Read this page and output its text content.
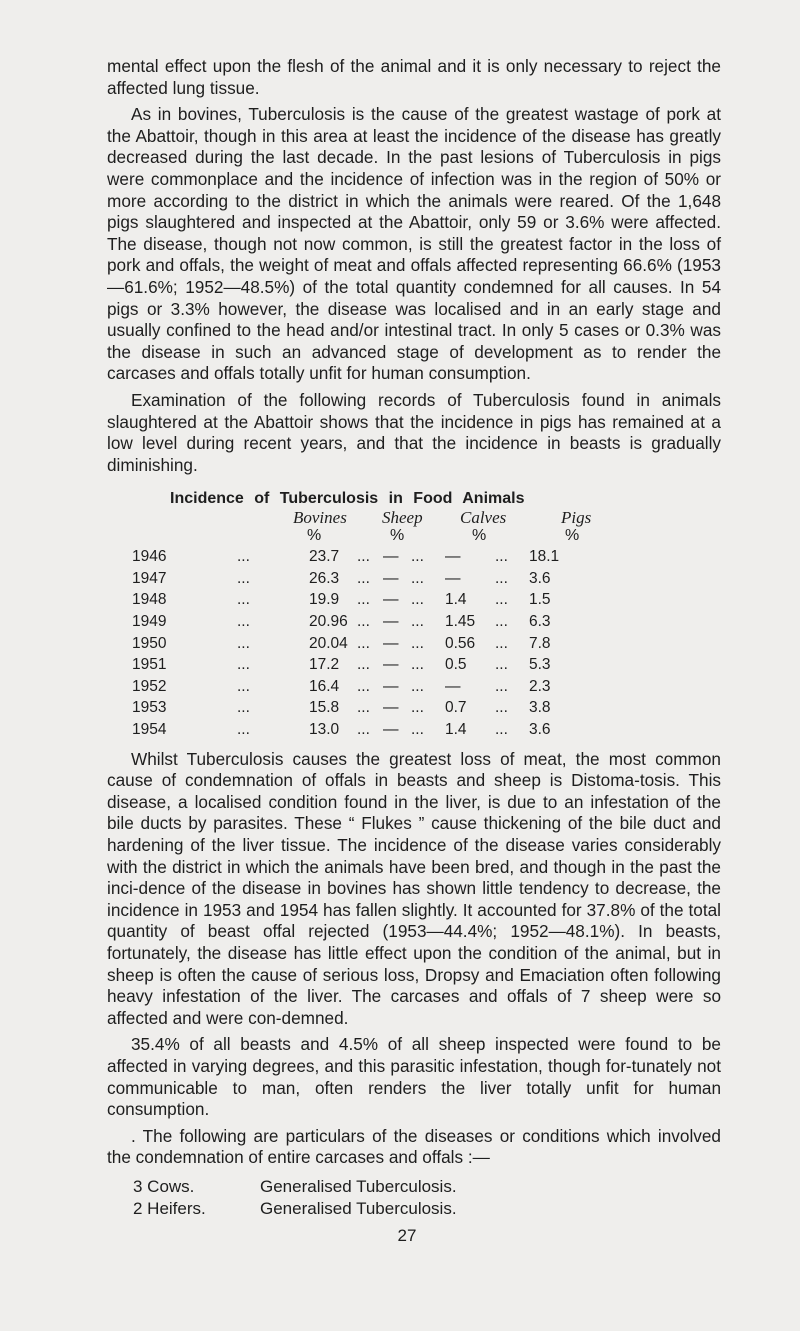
mental effect upon the flesh of the animal and it is only necessary to reject the affected lung tissue.

As in bovines, Tuberculosis is the cause of the greatest wastage of pork at the Abattoir, though in this area at least the incidence of the disease has greatly decreased during the last decade. In the past lesions of Tuberculosis in pigs were commonplace and the incidence of infection was in the region of 50% or more according to the district in which the animals were reared. Of the 1,648 pigs slaughtered and inspected at the Abattoir, only 59 or 3.6% were affected. The disease, though not now common, is still the greatest factor in the loss of pork and offals, the weight of meat and offals affected representing 66.6% (1953—61.6%; 1952—48.5%) of the total quantity condemned for all causes. In 54 pigs or 3.3% however, the disease was localised and in an early stage and usually confined to the head and/or intestinal tract. In only 5 cases or 0.3% was the disease in such an advanced stage of development as to render the carcases and offals totally unfit for human consumption.

Examination of the following records of Tuberculosis found in animals slaughtered at the Abattoir shows that the incidence in pigs has remained at a low level during recent years, and that the incidence in beasts is gradually diminishing.

Incidence of Tuberculosis in Food Animals
Bovines Sheep Calves	Pigs
%	%	%	%
1946	...	23.7 ... — ... — ... 18.1
1947	...	26.3 ... — ... — ... 3.6
1948	...	19.9 ... — ... 1.4 ... 1.5
1949	...	20.96 ... — ... 1.45 ... 6.3
1950	...	20.04 ... — ... 0.56 ... 7.8
1951	...	17.2 ... — ... 0.5 ... 5.3
1952	...	16.4 ... — ... — ... 2.3
1953	...	15.8 ... — ... 0.7 ... 3.8
1954	...	13.0 ... — ... 1.4 ... 3.6

Whilst Tuberculosis causes the greatest loss of meat, the most common cause of condemnation of offals in beasts and sheep is Distoma-tosis. This disease, a localised condition found in the liver, is due to an infestation of the bile ducts by parasites. These “ Flukes ” cause thickening of the bile duct and hardening of the liver tissue. The incidence of the disease varies considerably with the district in which the animals have been bred, and though in the past the inci-dence of the disease in bovines has shown little tendency to decrease, the incidence in 1953 and 1954 has fallen slightly. It accounted for 37.8% of the total quantity of beast offal rejected (1953—44.4%; 1952—48.1%). In beasts, fortunately, the disease has little effect upon the condition of the animal, but in sheep is often the cause of serious loss, Dropsy and Emaciation often following heavy infestation of the liver. The carcases and offals of 7 sheep were so affected and were con-demned.

35.4% of all beasts and 4.5% of all sheep inspected were found to be affected in varying degrees, and this parasitic infestation, though for-tunately not communicable to man, often renders the liver totally unfit for human consumption.

. The following are particulars of the diseases or conditions which involved the condemnation of entire carcases and offals :—

3 Cows.	Generalised Tuberculosis.
2 Heifers.	Generalised Tuberculosis.
27
